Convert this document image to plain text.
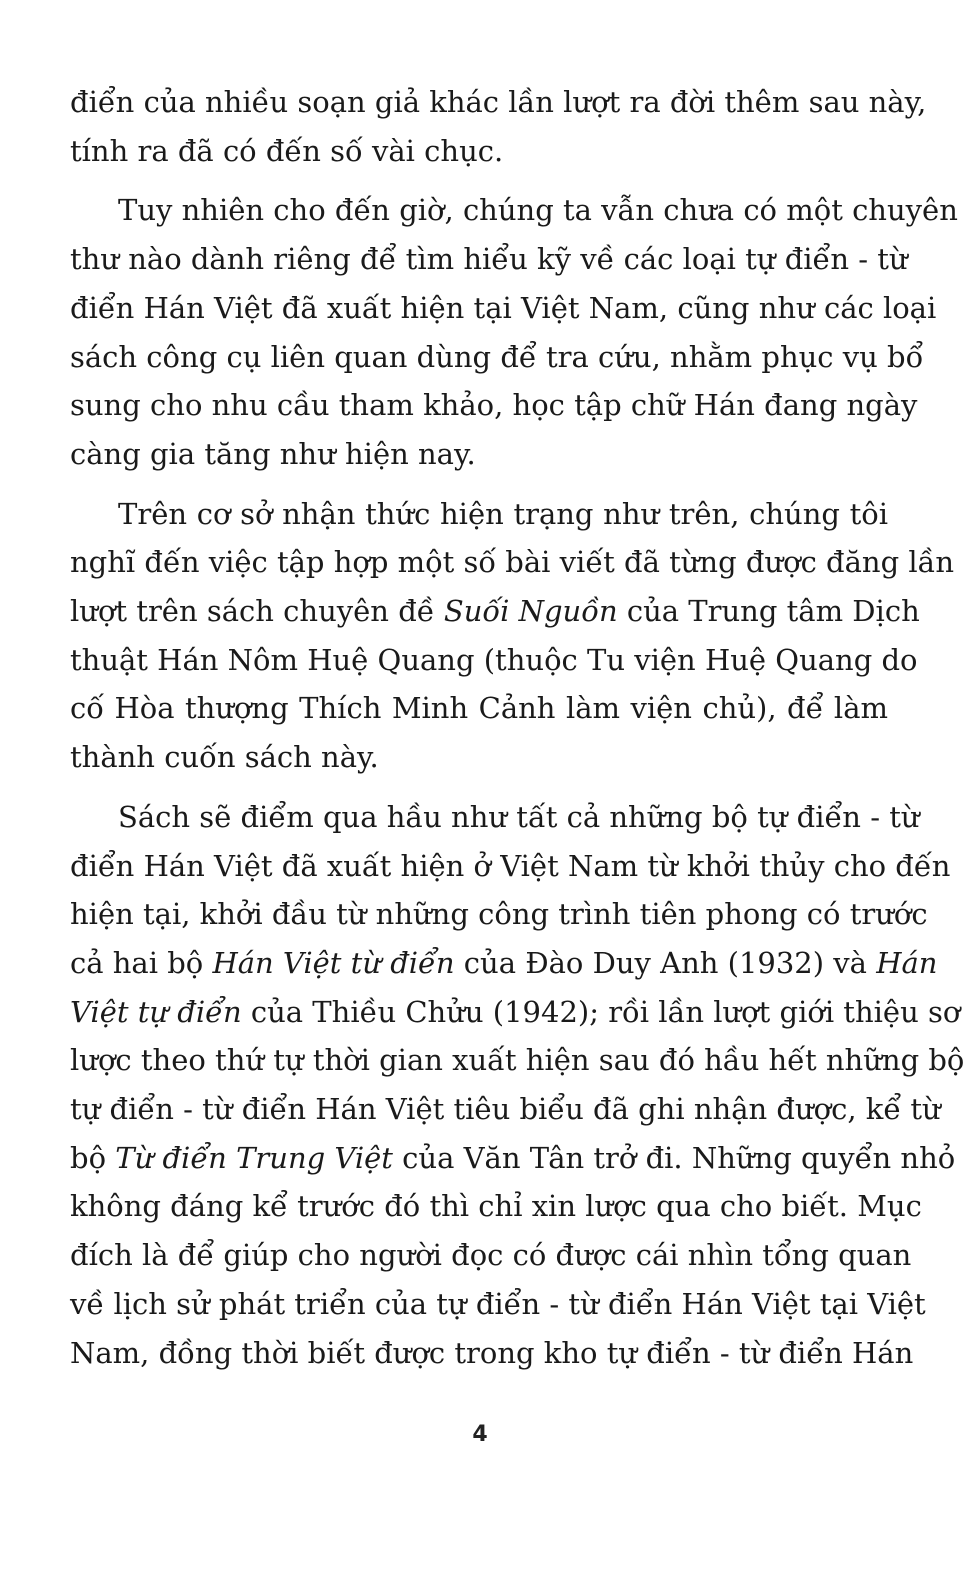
điển của nhiều soạn giả khác lần lượt ra đời thêm sau này,
tính ra đã có đến số vài chục.

Tuy nhiên cho đến giờ, chúng ta vẫn chưa có một chuyên
thư nào dành riêng để tìm hiểu kỹ về các loại tự điển - từ
điển Hán Việt đã xuất hiện tại Việt Nam, cũng như các loại
sách công cụ liên quan dùng để tra cứu, nhằm phục vụ bổ
sung cho nhu cầu tham khảo, học tập chữ Hán đang ngày
càng gia tăng như hiện nay.

Trên cơ sở nhận thức hiện trạng như trên, chúng tôi
nghĩ đến việc tập hợp một số bài viết đã từng được đăng lần
lượt trên sách chuyên đề Suối Nguồn của Trung tâm Dịch
thuật Hán Nôm Huệ Quang (thuộc Tu viện Huệ Quang do
cố Hòa thượng Thích Minh Cảnh làm viện chủ), để làm
thành cuốn sách này.

Sách sẽ điểm qua hầu như tất cả những bộ tự điển - từ
điển Hán Việt đã xuất hiện ở Việt Nam từ khởi thủy cho đến
hiện tại, khởi đầu từ những công trình tiên phong có trước
cả hai bộ Hán Việt từ điển của Đào Duy Anh (1932) và Hán
Việt tự điển của Thiều Chửu (1942); rồi lần lượt giới thiệu sơ
lược theo thứ tự thời gian xuất hiện sau đó hầu hết những bộ
tự điển - từ điển Hán Việt tiêu biểu đã ghi nhận được, kể từ
bộ Từ điển Trung Việt của Văn Tân trở đi. Những quyển nhỏ
không đáng kể trước đó thì chỉ xin lược qua cho biết. Mục
đích là để giúp cho người đọc có được cái nhìn tổng quan
về lịch sử phát triển của tự điển - từ điển Hán Việt tại Việt
Nam, đồng thời biết được trong kho tự điển - từ điển Hán

4
